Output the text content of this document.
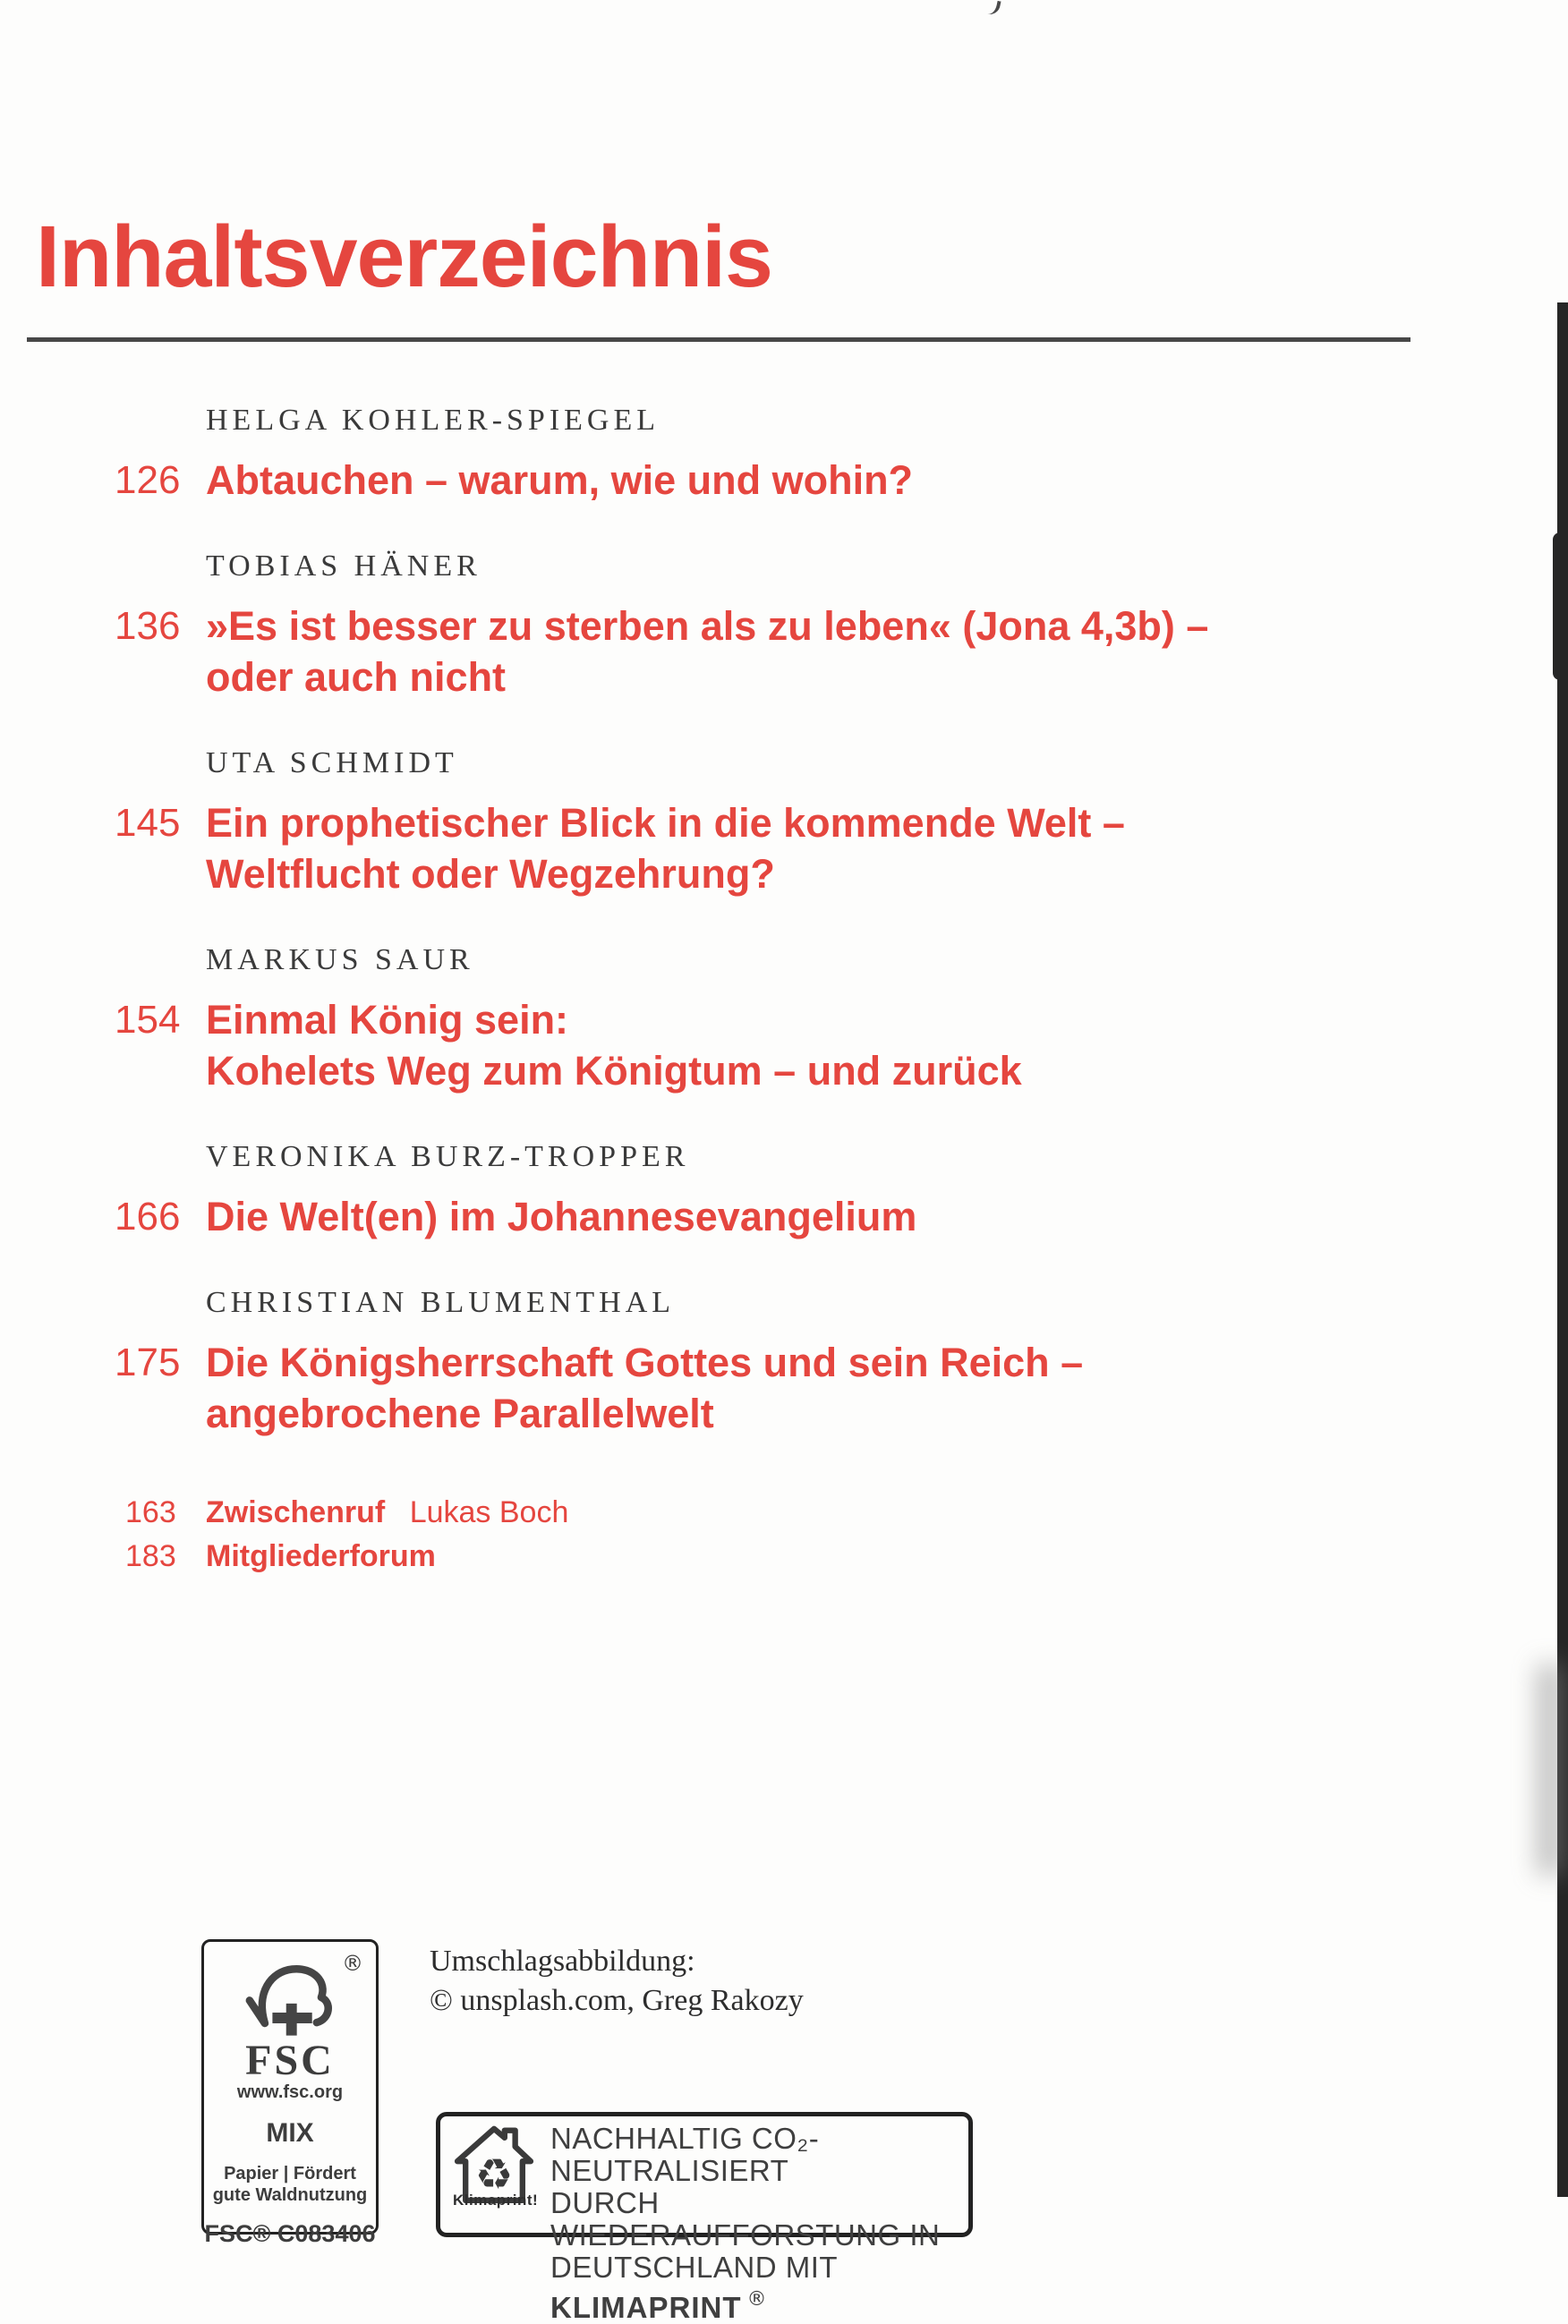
Inhaltsverzeichnis
HELGA KOHLER-SPIEGEL
126 Abtauchen – warum, wie und wohin?
TOBIAS HÄNER
136 »Es ist besser zu sterben als zu leben« (Jona 4,3b) –
oder auch nicht
UTA SCHMIDT
145 Ein prophetischer Blick in die kommende Welt –
Weltflucht oder Wegzehrung?
MARKUS SAUR
154 Einmal König sein:
Kohelets Weg zum Königtum – und zurück
VERONIKA BURZ-TROPPER
166 Die Welt(en) im Johannesevangelium
CHRISTIAN BLUMENTHAL
175 Die Königsherrschaft Gottes und sein Reich –
angebrochene Parallelwelt
163 Zwischenruf Lukas Boch
183 Mitgliederforum
®
FSC
www.fsc.org
MIX
Papier | Fördert
gute Waldnutzung
FSC® C083406
Umschlagsabbildung:
© unsplash.com, Greg Rakozy
♻
Klimaprint!
NACHHALTIG CO₂-NEUTRALISIERT
DURCH WIEDERAUFFORSTUNG IN
DEUTSCHLAND MIT KLIMAPRINT ®
